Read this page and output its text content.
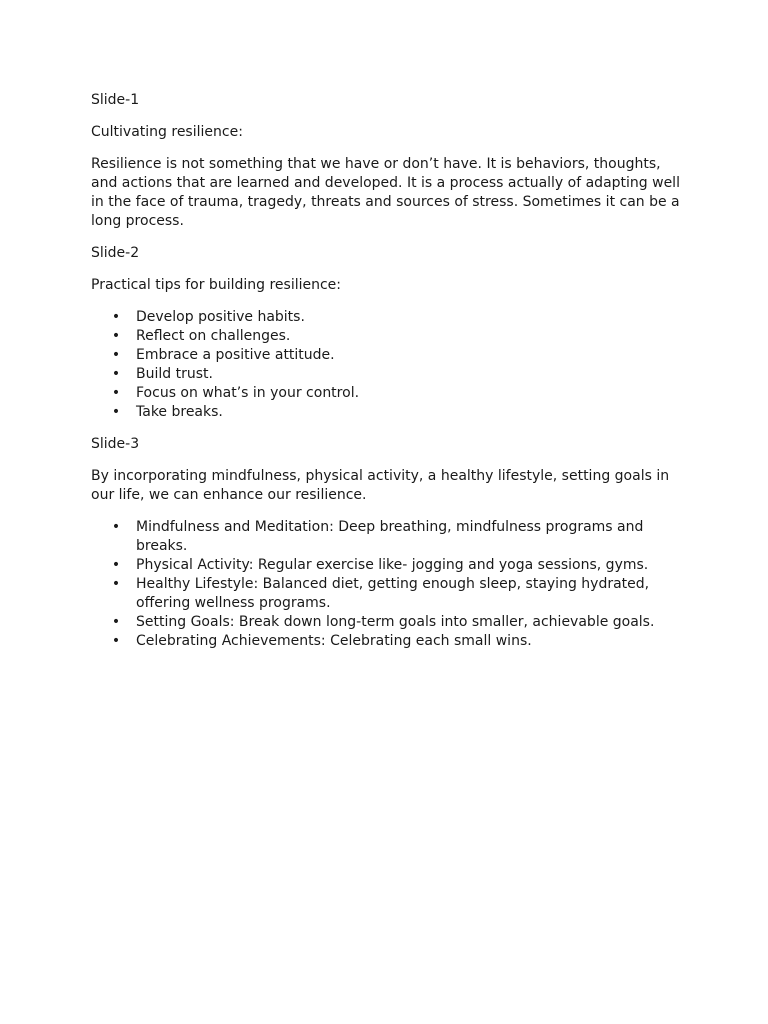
Slide-1

Cultivating resilience:

Resilience is not something that we have or don’t have. It is behaviors, thoughts, and actions that are learned and developed. It is a process actually of adapting well in the face of trauma, tragedy, threats and sources of stress. Sometimes it can be a long process.

Slide-2

Practical tips for building resilience:

• Develop positive habits.
• Reflect on challenges.
• Embrace a positive attitude.
• Build trust.
• Focus on what’s in your control.
• Take breaks.

Slide-3

By incorporating mindfulness, physical activity, a healthy lifestyle, setting goals in our life, we can enhance our resilience.

• Mindfulness and Meditation: Deep breathing, mindfulness programs and breaks.
• Physical Activity: Regular exercise like- jogging and yoga sessions, gyms.
• Healthy Lifestyle: Balanced diet, getting enough sleep, staying hydrated, offering wellness programs.
• Setting Goals: Break down long-term goals into smaller, achievable goals.
• Celebrating Achievements: Celebrating each small wins.
